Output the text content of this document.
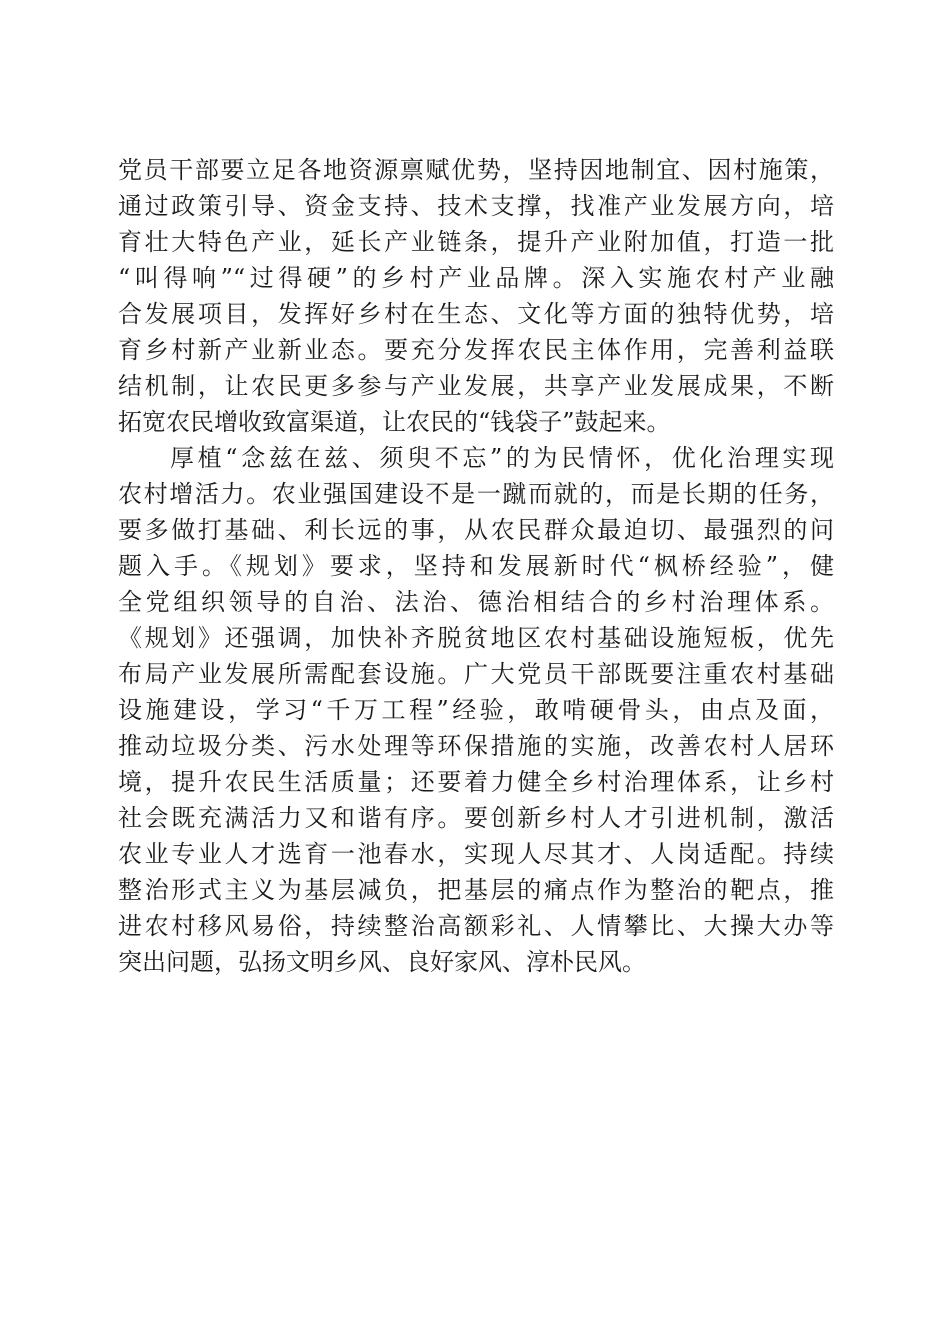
党员干部要立足各地资源禀赋优势，坚持因地制宜、因村施策，
通过政策引导、资金支持、技术支撑，找准产业发展方向，培
育壮大特色产业，延长产业链条，提升产业附加值，打造一批
“叫得响”“过得硬”的乡村产业品牌。深入实施农村产业融
合发展项目，发挥好乡村在生态、文化等方面的独特优势，培
育乡村新产业新业态。要充分发挥农民主体作用，完善利益联
结机制，让农民更多参与产业发展，共享产业发展成果，不断
拓宽农民增收致富渠道，让农民的“钱袋子”鼓起来。
厚植“念兹在兹、须臾不忘”的为民情怀，优化治理实现
农村增活力。农业强国建设不是一蹴而就的，而是长期的任务，
要多做打基础、利长远的事，从农民群众最迫切、最强烈的问
题入手。《规划》要求，坚持和发展新时代“枫桥经验”，健
全党组织领导的自治、法治、德治相结合的乡村治理体系。
《规划》还强调，加快补齐脱贫地区农村基础设施短板，优先
布局产业发展所需配套设施。广大党员干部既要注重农村基础
设施建设，学习“千万工程”经验，敢啃硬骨头，由点及面，
推动垃圾分类、污水处理等环保措施的实施，改善农村人居环
境，提升农民生活质量；还要着力健全乡村治理体系，让乡村
社会既充满活力又和谐有序。要创新乡村人才引进机制，激活
农业专业人才选育一池春水，实现人尽其才、人岗适配。持续
整治形式主义为基层减负，把基层的痛点作为整治的靶点，推
进农村移风易俗，持续整治高额彩礼、人情攀比、大操大办等
突出问题，弘扬文明乡风、良好家风、淳朴民风。
